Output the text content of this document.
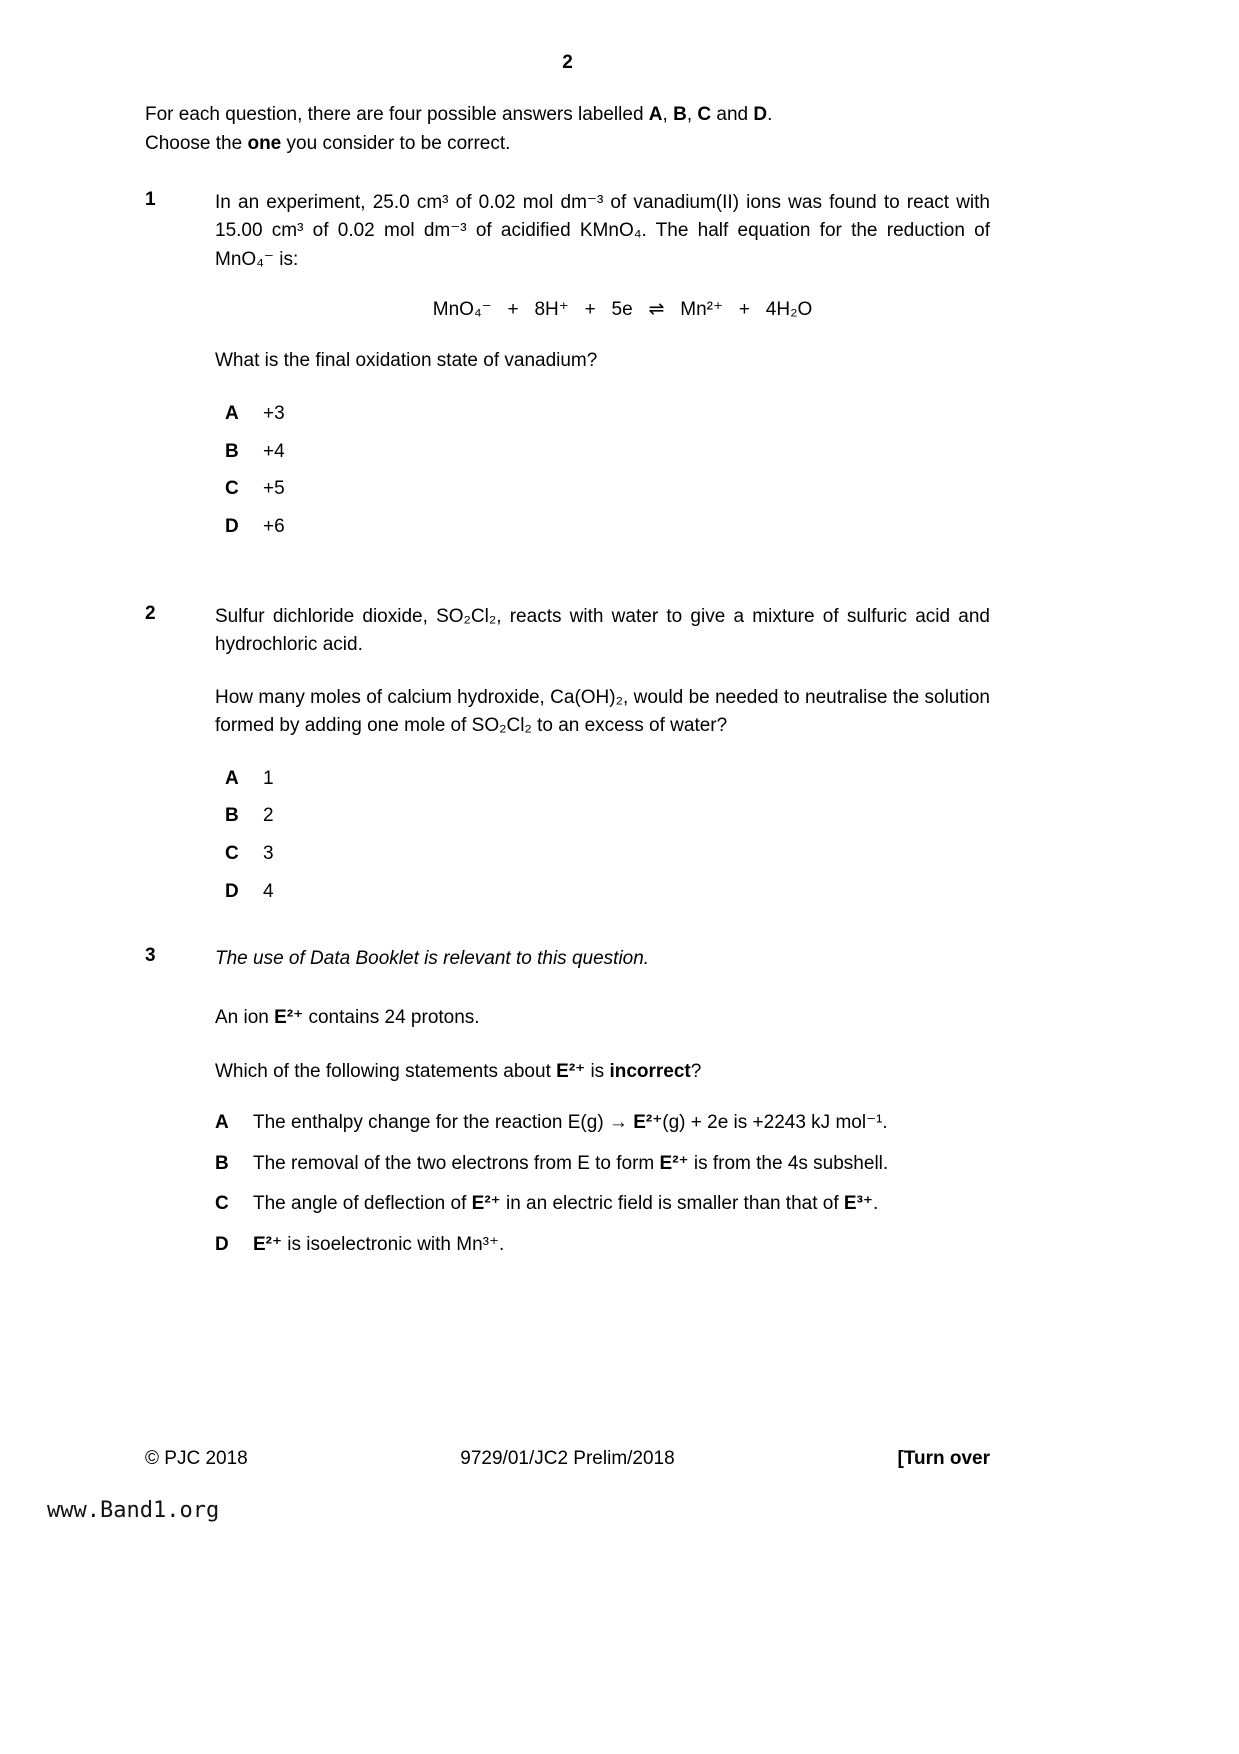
2

For each question, there are four possible answers labelled A, B, C and D.
Choose the one you consider to be correct.

1	In an experiment, 25.0 cm³ of 0.02 mol dm⁻³ of vanadium(II) ions was found to react with 15.00 cm³ of 0.02 mol dm⁻³ of acidified KMnO₄. The half equation for the reduction of MnO₄⁻ is:

MnO₄⁻   +   8H⁺   +   5e   ⇌   Mn²⁺   +   4H₂O

What is the final oxidation state of vanadium?

A	+3
B	+4
C	+5
D	+6
2	Sulfur dichloride dioxide, SO₂Cl₂, reacts with water to give a mixture of sulfuric acid and hydrochloric acid.

How many moles of calcium hydroxide, Ca(OH)₂, would be needed to neutralise the solution formed by adding one mole of SO₂Cl₂ to an excess of water?

A	1
B	2
C	3
D	4
3	The use of Data Booklet is relevant to this question.

An ion E²⁺ contains 24 protons.

Which of the following statements about E²⁺ is incorrect?

A	The enthalpy change for the reaction E(g) → E²⁺(g) + 2e is +2243 kJ mol⁻¹.
B	The removal of the two electrons from E to form E²⁺ is from the 4s subshell.
C	The angle of deflection of E²⁺ in an electric field is smaller than that of E³⁺.
D	E²⁺ is isoelectronic with Mn³⁺.
© PJC 2018	9729/01/JC2 Prelim/2018	[Turn over
www.Band1.org
